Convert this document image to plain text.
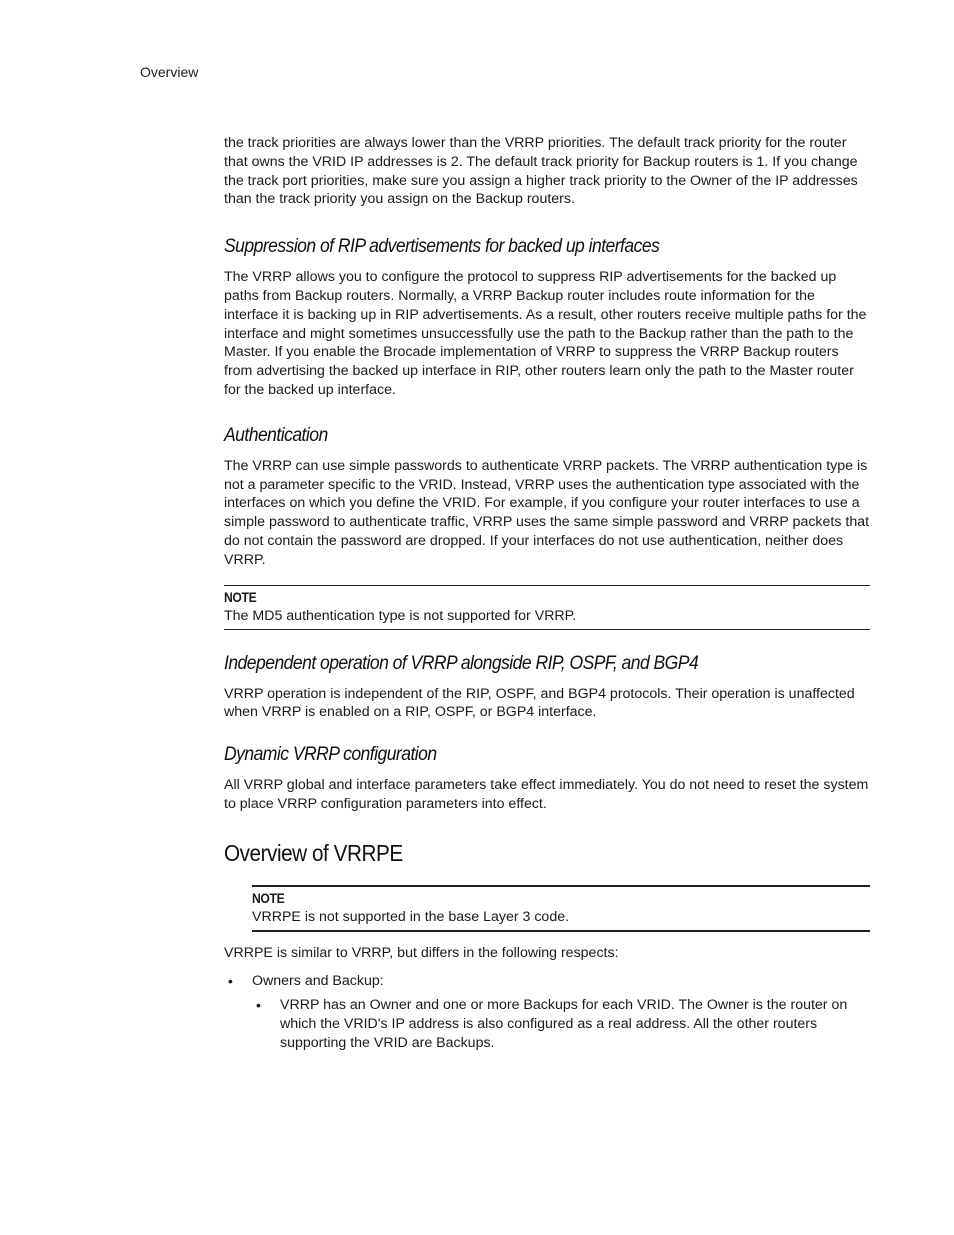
Overview

the track priorities are always lower than the VRRP priorities. The default track priority for the router that owns the VRID IP addresses is 2. The default track priority for Backup routers is 1. If you change the track port priorities, make sure you assign a higher track priority to the Owner of the IP addresses than the track priority you assign on the Backup routers.

Suppression of RIP advertisements for backed up interfaces

The VRRP allows you to configure the protocol to suppress RIP advertisements for the backed up paths from Backup routers. Normally, a VRRP Backup router includes route information for the interface it is backing up in RIP advertisements. As a result, other routers receive multiple paths for the interface and might sometimes unsuccessfully use the path to the Backup rather than the path to the Master. If you enable the Brocade implementation of VRRP to suppress the VRRP Backup routers from advertising the backed up interface in RIP, other routers learn only the path to the Master router for the backed up interface.

Authentication

The VRRP can use simple passwords to authenticate VRRP packets. The VRRP authentication type is not a parameter specific to the VRID. Instead, VRRP uses the authentication type associated with the interfaces on which you define the VRID. For example, if you configure your router interfaces to use a simple password to authenticate traffic, VRRP uses the same simple password and VRRP packets that do not contain the password are dropped. If your interfaces do not use authentication, neither does VRRP.

NOTE
The MD5 authentication type is not supported for VRRP.
Independent operation of VRRP alongside RIP, OSPF, and BGP4

VRRP operation is independent of the RIP, OSPF, and BGP4 protocols. Their operation is unaffected when VRRP is enabled on a RIP, OSPF, or BGP4 interface.

Dynamic VRRP configuration

All VRRP global and interface parameters take effect immediately. You do not need to reset the system to place VRRP configuration parameters into effect.

Overview of VRRPE
NOTE
VRRPE is not supported in the base Layer 3 code.

VRRPE is similar to VRRP, but differs in the following respects:

• Owners and Backup:
• VRRP has an Owner and one or more Backups for each VRID. The Owner is the router on which the VRID's IP address is also configured as a real address. All the other routers supporting the VRID are Backups.
